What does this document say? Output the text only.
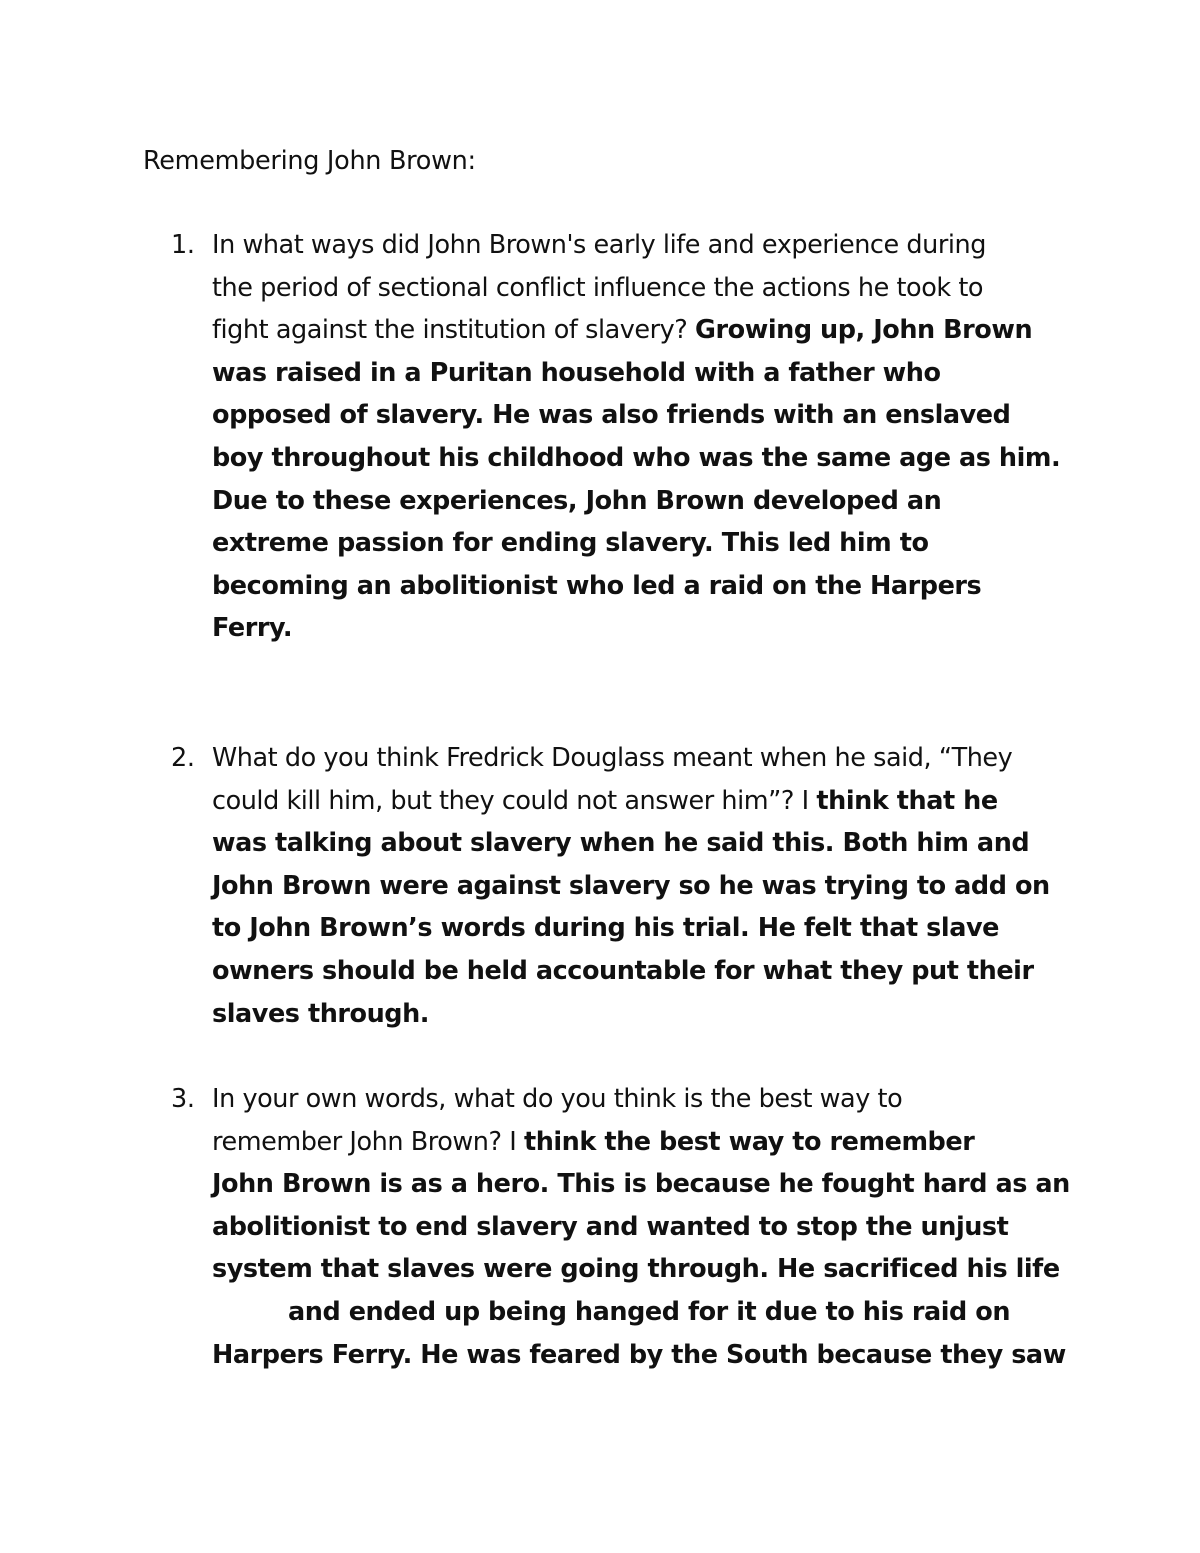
Remembering John Brown:
1. In what ways did John Brown's early life and experience during
the period of sectional conflict influence the actions he took to
fight against the institution of slavery? Growing up, John Brown
was raised in a Puritan household with a father who
opposed of slavery. He was also friends with an enslaved
boy throughout his childhood who was the same age as him.
Due to these experiences, John Brown developed an
extreme passion for ending slavery. This led him to
becoming an abolitionist who led a raid on the Harpers
Ferry.
2. What do you think Fredrick Douglass meant when he said, “They
could kill him, but they could not answer him”? I think that he
was talking about slavery when he said this. Both him and
John Brown were against slavery so he was trying to add on
to John Brown’s words during his trial. He felt that slave
owners should be held accountable for what they put their
slaves through.
3. In your own words, what do you think is the best way to
remember John Brown? I think the best way to remember
John Brown is as a hero. This is because he fought hard as an
abolitionist to end slavery and wanted to stop the unjust
system that slaves were going through. He sacrificed his life
and ended up being hanged for it due to his raid on
Harpers Ferry. He was feared by the South because they saw
